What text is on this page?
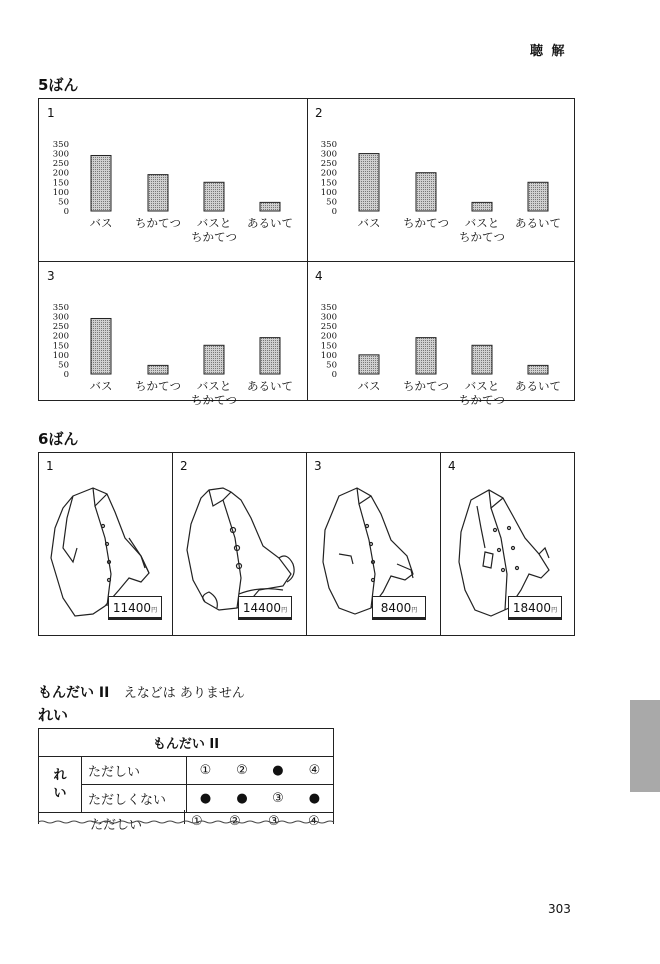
聴 解
5ばん
1
350
300
250
200
150
100
50
0
バス ちかてつ バスと
ちかてつ
あるいて
2
350
300
250
200
150
100
50
0
バス ちかてつ バスと
ちかてつ
あるいて
3
350
300
250
200
150
100
50
0
バス ちかてつ バスと
ちかてつ
あるいて
4
350
300
250
200
150
100
50
0
バス ちかてつ バスと
ちかてつ
あるいて
6ばん
1	2	3	4
11400円	14400円	8400円	18400円
もんだい II えなどは ありません
れい
もんだい II					
れ
い	ただしい	①	②	●	④
	ただしくない	●	●	③	●
ただしい	① ② ③ ④
303
